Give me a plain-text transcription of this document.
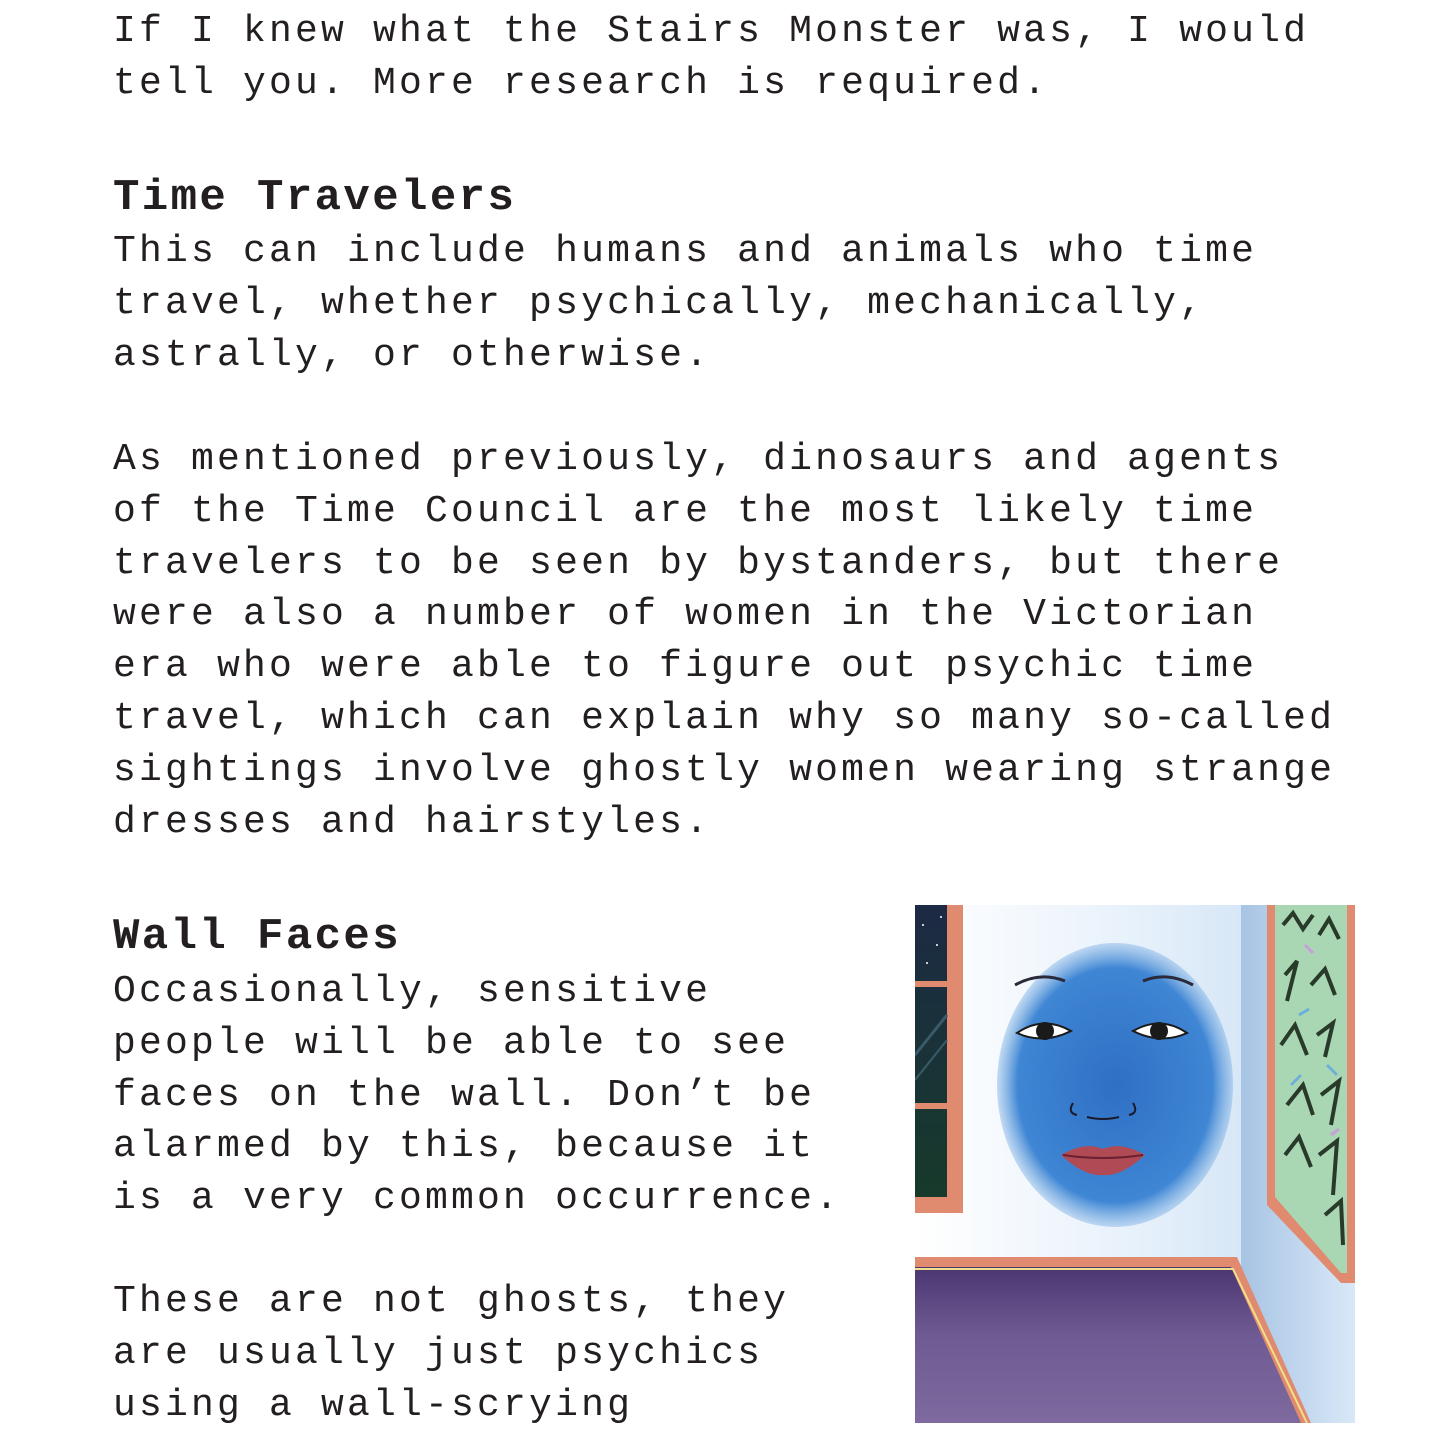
If I knew what the Stairs Monster was, I would
tell you. More research is required.

Time Travelers

This can include humans and animals who time
travel, whether psychically, mechanically,
astrally, or otherwise.

As mentioned previously, dinosaurs and agents
of the Time Council are the most likely time
travelers to be seen by bystanders, but there
were also a number of women in the Victorian
era who were able to figure out psychic time
travel, which can explain why so many so-called
sightings involve ghostly women wearing strange
dresses and hairstyles.

Wall Faces

Occasionally, sensitive
people will be able to see
faces on the wall. Don’t be
alarmed by this, because it
is a very common occurrence.

These are not ghosts, they
are usually just psychics
using a wall-scrying
